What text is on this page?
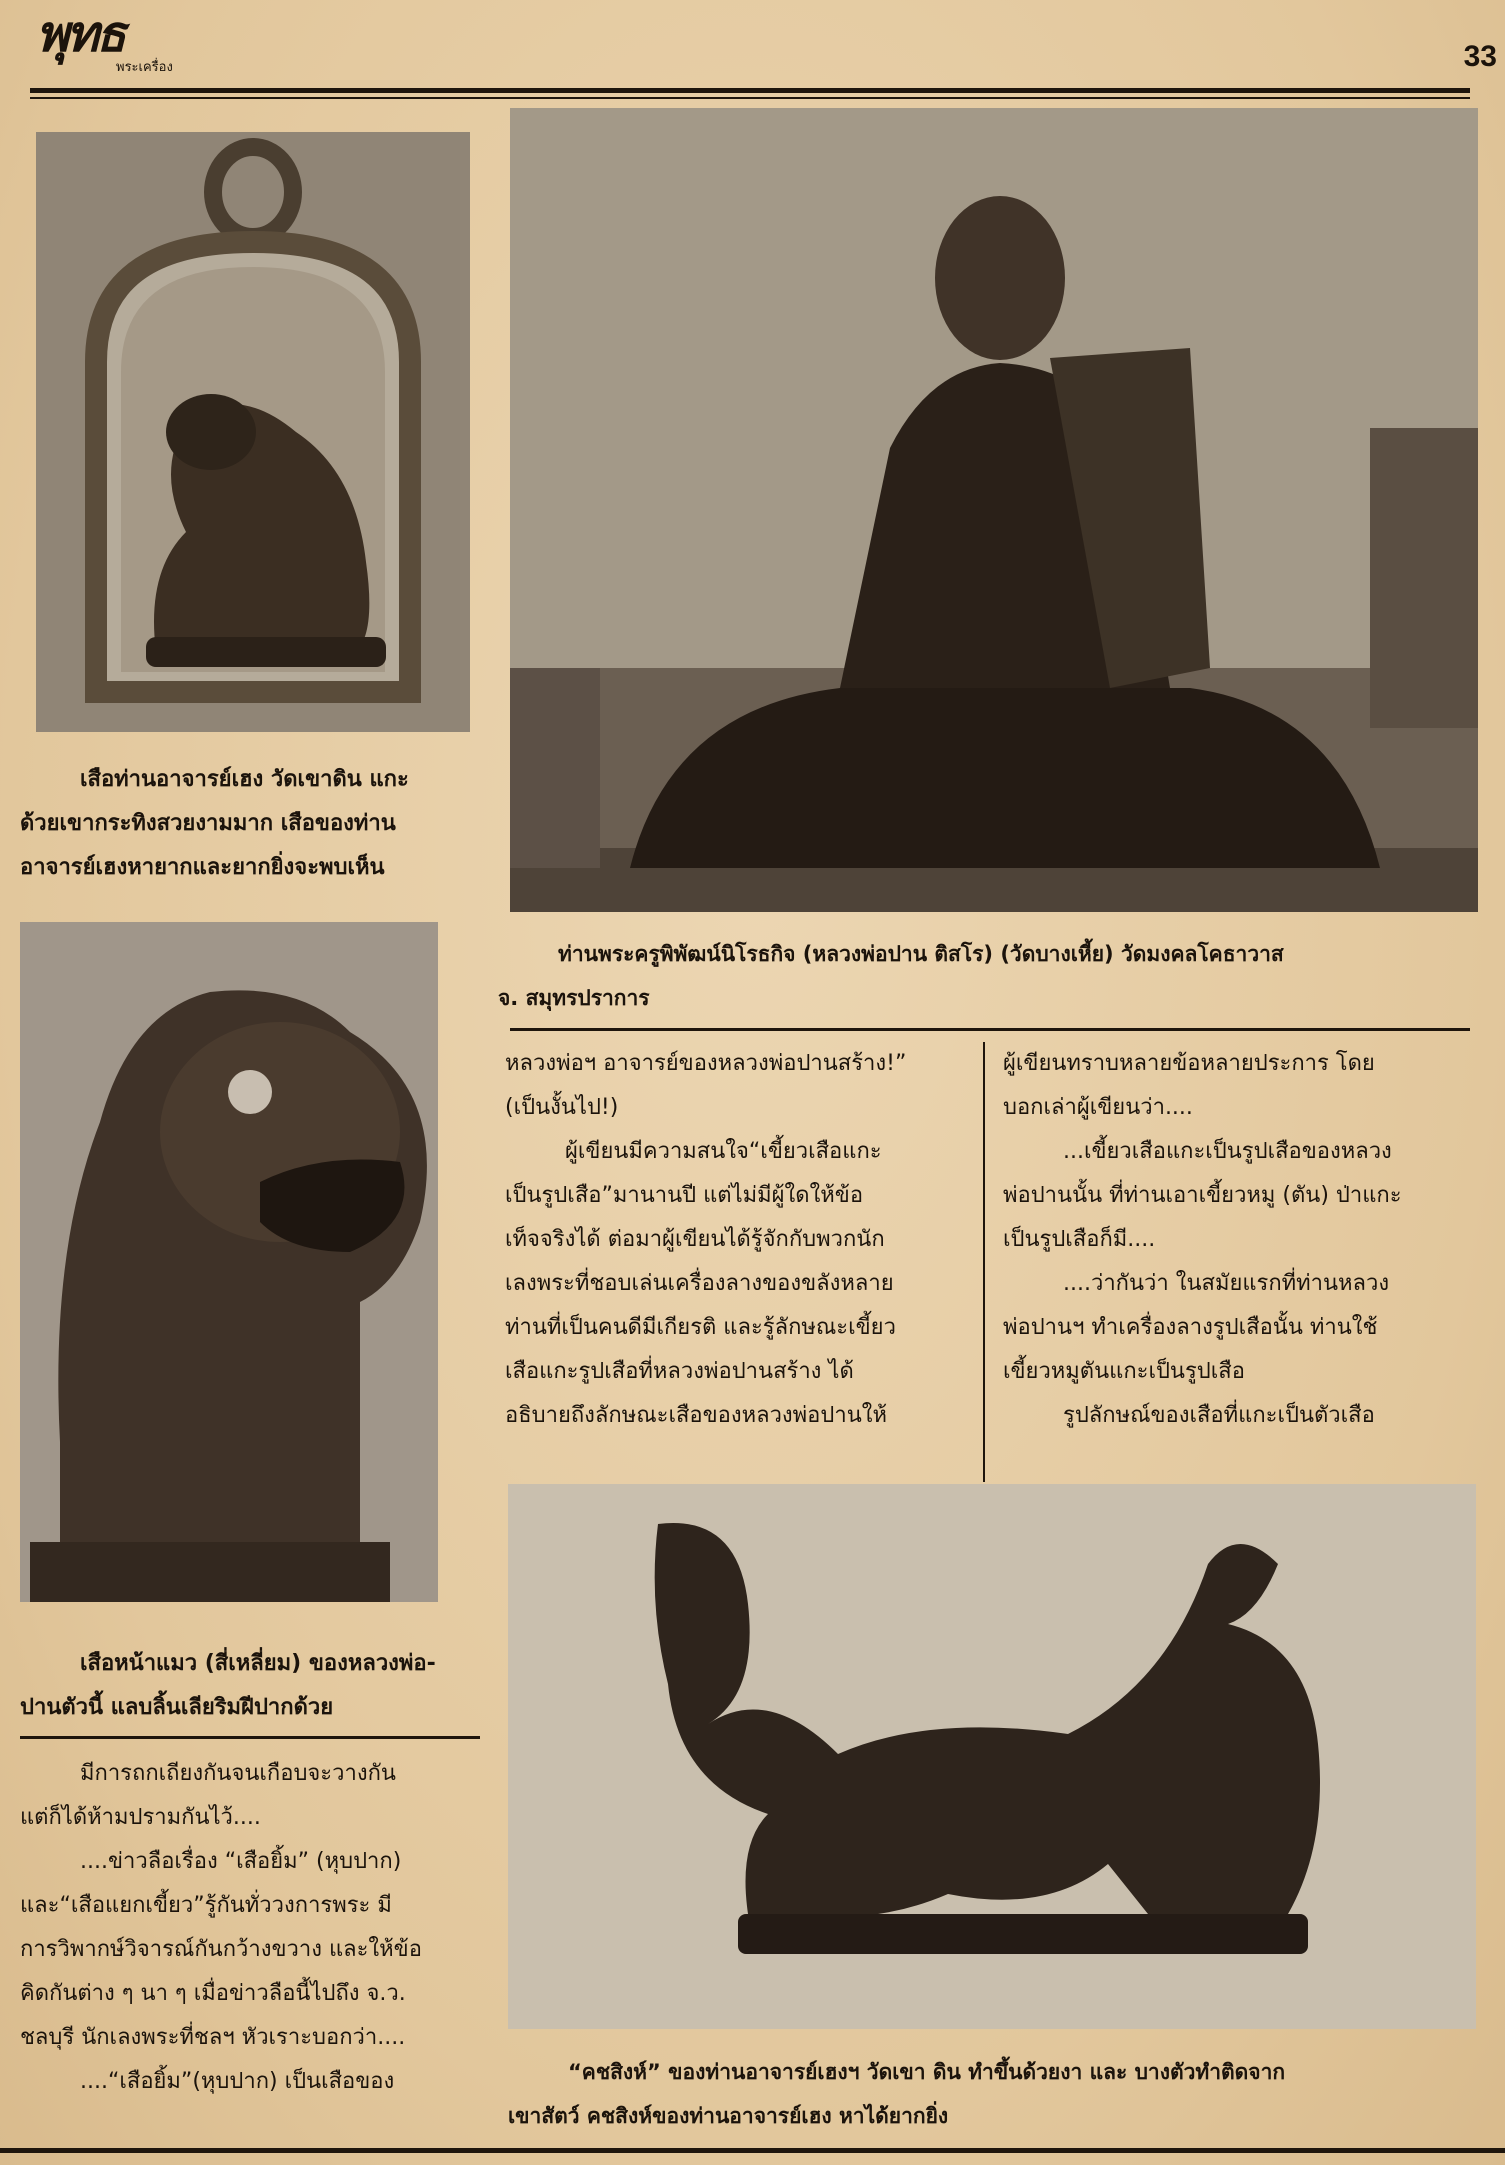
พุทธ
พระเครื่อง	33
เสือท่านอาจารย์เฮง วัดเขาดิน แกะ
ด้วยเขากระทิงสวยงามมาก เสือของท่าน
อาจารย์เฮงหายากและยากยิ่งจะพบเห็น
ท่านพระครูพิพัฒน์นิโรธกิจ (หลวงพ่อปาน ติสโร) (วัดบางเหี้ย) วัดมงคลโคธาวาส
จ. สมุทรปราการ
เสือหน้าแมว (สี่เหลี่ยม) ของหลวงพ่อ-
ปานตัวนี้ แลบลิ้นเลียริมฝีปากด้วย
มีการถกเถียงกันจนเกือบจะวางกัน
แต่ก็ได้ห้ามปรามกันไว้....
....ข่าวลือเรื่อง “เสือยิ้ม” (หุบปาก)
และ“เสือแยกเขี้ยว”รู้กันทั่ววงการพระ มี
การวิพากษ์วิจารณ์กันกว้างขวาง และให้ข้อ
คิดกันต่าง ๆ นา ๆ เมื่อข่าวลือนี้ไปถึง จ.ว.
ชลบุรี นักเลงพระที่ชลฯ หัวเราะบอกว่า....
....“เสือยิ้ม”(หุบปาก) เป็นเสือของ
หลวงพ่อฯ อาจารย์ของหลวงพ่อปานสร้าง!”
(เป็นงั้นไป!)
ผู้เขียนมีความสนใจ“เขี้ยวเสือแกะ
เป็นรูปเสือ”มานานปี แต่ไม่มีผู้ใดให้ข้อ
เท็จจริงได้ ต่อมาผู้เขียนได้รู้จักกับพวกนัก
เลงพระที่ชอบเล่นเครื่องลางของขลังหลาย
ท่านที่เป็นคนดีมีเกียรติ และรู้ลักษณะเขี้ยว
เสือแกะรูปเสือที่หลวงพ่อปานสร้าง ได้
อธิบายถึงลักษณะเสือของหลวงพ่อปานให้
ผู้เขียนทราบหลายข้อหลายประการ โดย
บอกเล่าผู้เขียนว่า....
...เขี้ยวเสือแกะเป็นรูปเสือของหลวง
พ่อปานนั้น ที่ท่านเอาเขี้ยวหมู (ตัน) ป่าแกะ
เป็นรูปเสือก็มี....
....ว่ากันว่า ในสมัยแรกที่ท่านหลวง
พ่อปานฯ ทำเครื่องลางรูปเสือนั้น ท่านใช้
เขี้ยวหมูตันแกะเป็นรูปเสือ
รูปลักษณ์ของเสือที่แกะเป็นตัวเสือ
“คชสิงห์” ของท่านอาจารย์เฮงฯ วัดเขา ดิน ทำขึ้นด้วยงา และ บางตัวทำติดจาก
เขาสัตว์ คชสิงห์ของท่านอาจารย์เฮง หาได้ยากยิ่ง
